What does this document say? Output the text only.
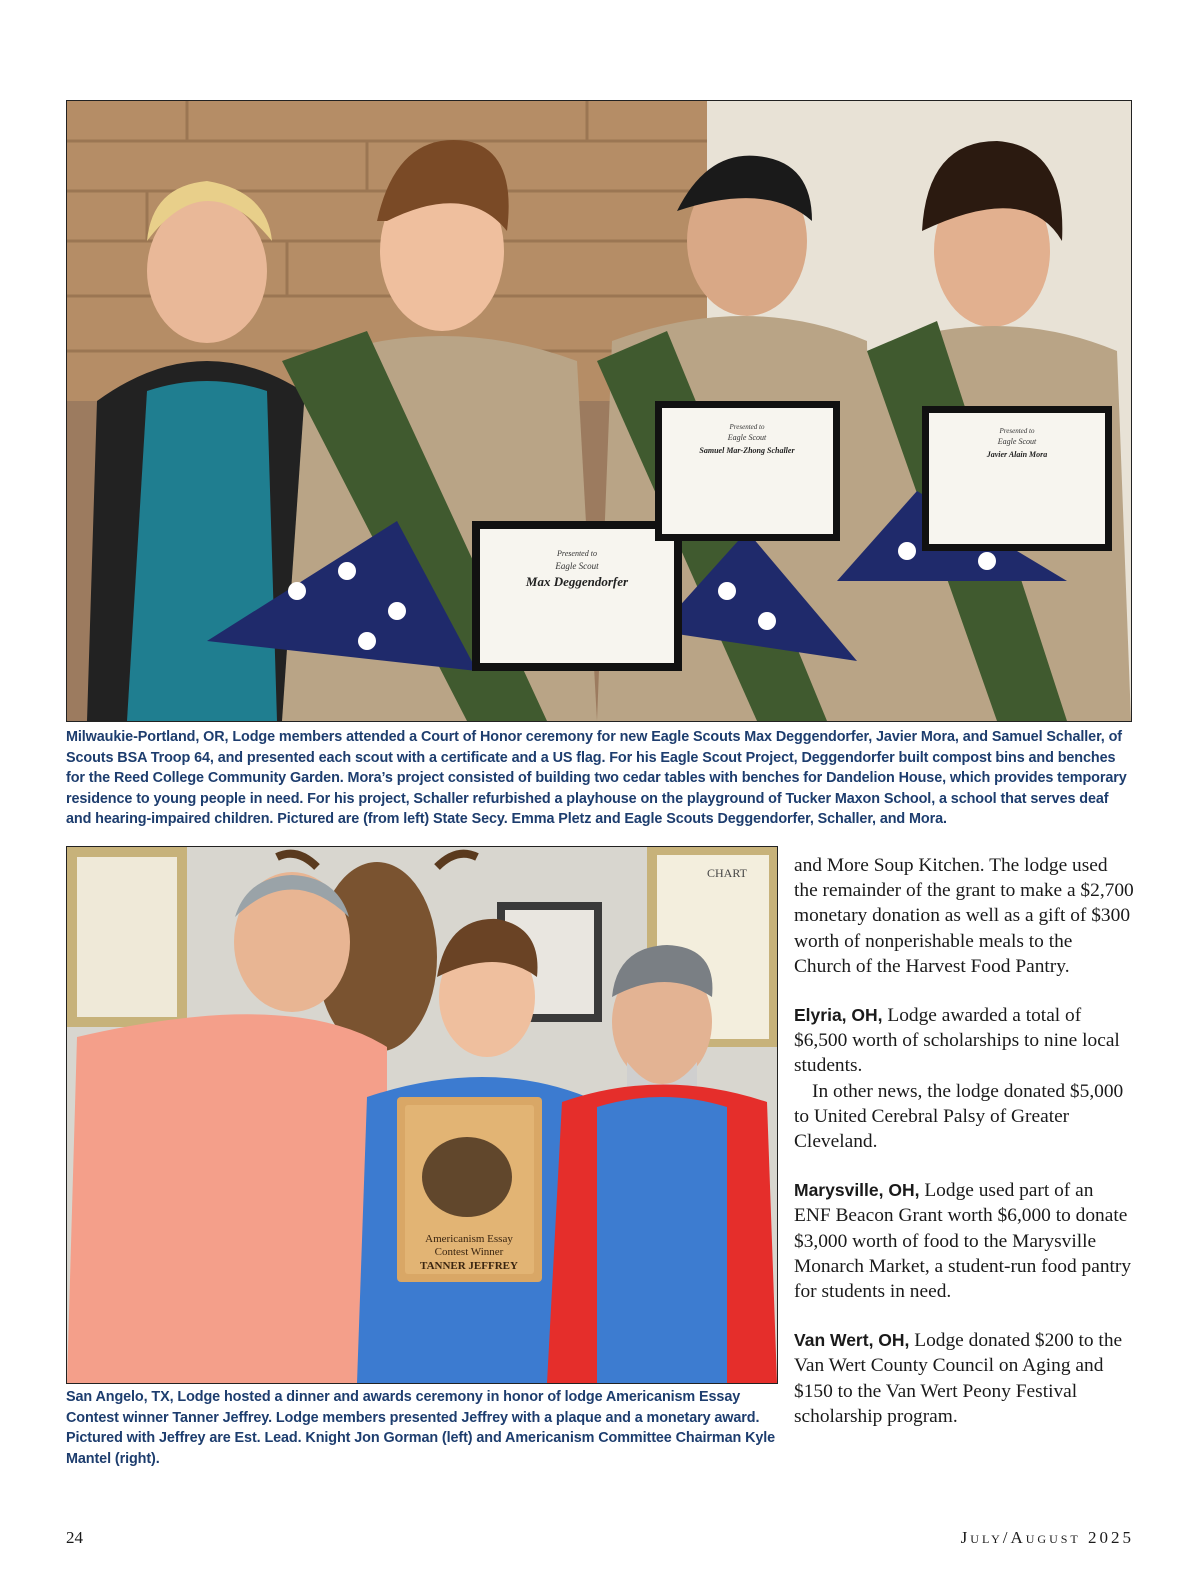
Presented to
Eagle Scout
Max Deggendorfer
Presented to
Eagle Scout
Samuel Mar-Zhong Schaller
Presented to
Eagle Scout
Javier Alain Mora
Milwaukie-Portland, OR, Lodge members attended a Court of Honor ceremony for new Eagle Scouts Max Deggendorfer, Javier Mora, and Samuel Schaller, of Scouts BSA Troop 64, and presented each scout with a certificate and a US flag. For his Eagle Scout Project, Deggendorfer built compost bins and benches for the Reed College Community Garden. Mora’s project consisted of building two cedar tables with benches for Dandelion House, which provides temporary residence to young people in need. For his project, Schaller refurbished a playhouse on the playground of Tucker Maxon School, a school that serves deaf and hearing-impaired children. Pictured are (from left) State Secy. Emma Pletz and Eagle Scouts Deggendorfer, Schaller, and Mora.
CHART
Americanism Essay
Contest Winner
TANNER JEFFREY
San Angelo, TX, Lodge hosted a dinner and awards ceremony in honor of lodge Americanism Essay Contest winner Tanner Jeffrey. Lodge members presented Jeffrey with a plaque and a monetary award. Pictured with Jeffrey are Est. Lead. Knight Jon Gorman (left) and Americanism Committee Chairman Kyle Mantel (right).

and More Soup Kitchen. The lodge used the remainder of the grant to make a $2,700 monetary donation as well as a gift of $300 worth of nonperishable meals to the Church of the Harvest Food Pantry.

Elyria, OH, Lodge awarded a total of $6,500 worth of scholarships to nine local students.

In other news, the lodge donated $5,000 to United Cerebral Palsy of Greater Cleveland.

Marysville, OH, Lodge used part of an ENF Beacon Grant worth $6,000 to donate $3,000 worth of food to the Marysville Monarch Market, a student-run food pantry for students in need.

Van Wert, OH, Lodge donated $200 to the Van Wert County Council on Aging and $150 to the Van Wert Peony Festival scholarship program.

24	July/August 2025
